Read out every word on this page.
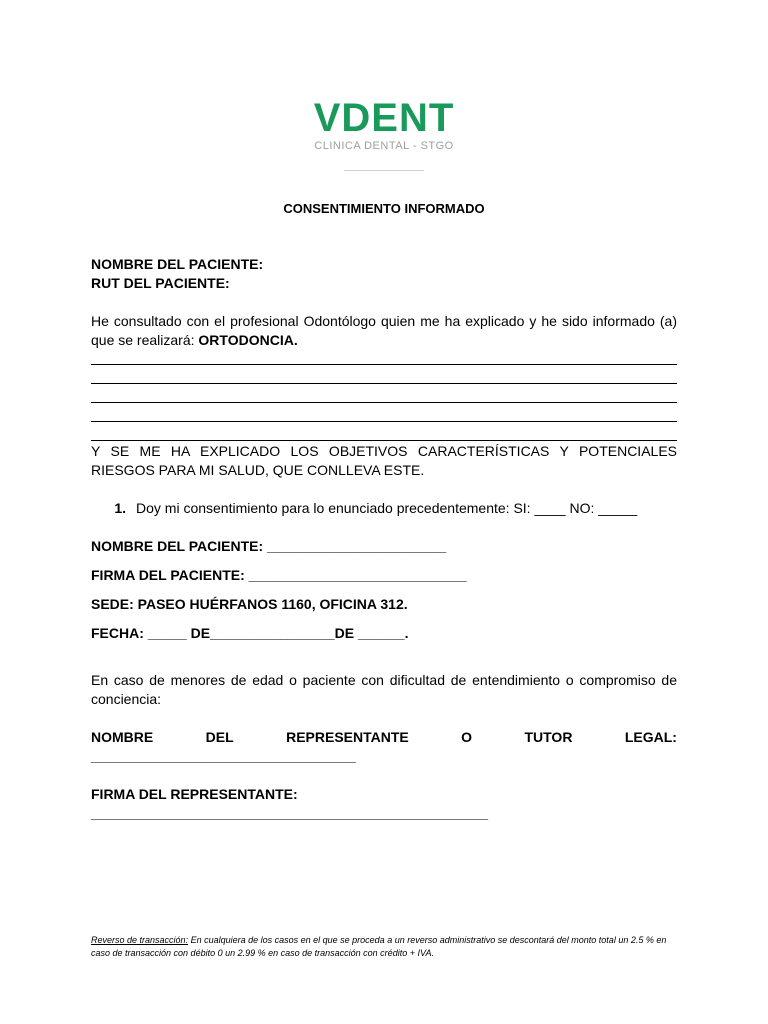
VDENT
CLINICA DENTAL - STGO
CONSENTIMIENTO INFORMADO
NOMBRE DEL PACIENTE:
RUT DEL PACIENTE:
He consultado con el profesional Odontólogo quien me ha explicado y he sido informado (a) que se realizará: ORTODONCIA.
Y SE ME HA EXPLICADO LOS OBJETIVOS CARACTERÍSTICAS Y POTENCIALES RIESGOS PARA MI SALUD, QUE CONLLEVA ESTE.
1. Doy mi consentimiento para lo enunciado precedentemente: SI: ____ NO: _____
NOMBRE DEL PACIENTE: _______________________
FIRMA DEL PACIENTE: ____________________________
SEDE: PASEO HUÉRFANOS 1160, OFICINA 312.
FECHA: _____ DE________________DE ______.
En caso de menores de edad o paciente con dificultad de entendimiento o compromiso de conciencia:
NOMBRE	DEL	REPRESENTANTE	O	TUTOR	LEGAL:
__________________________________
FIRMA DEL REPRESENTANTE: ___________________________________________________
Reverso de transacción: En cualquiera de los casos en el que se proceda a un reverso administrativo se descontará del monto total un 2.5 % en caso de transacción con débito 0 un 2.99 % en caso de transacción con crédito + IVA.
